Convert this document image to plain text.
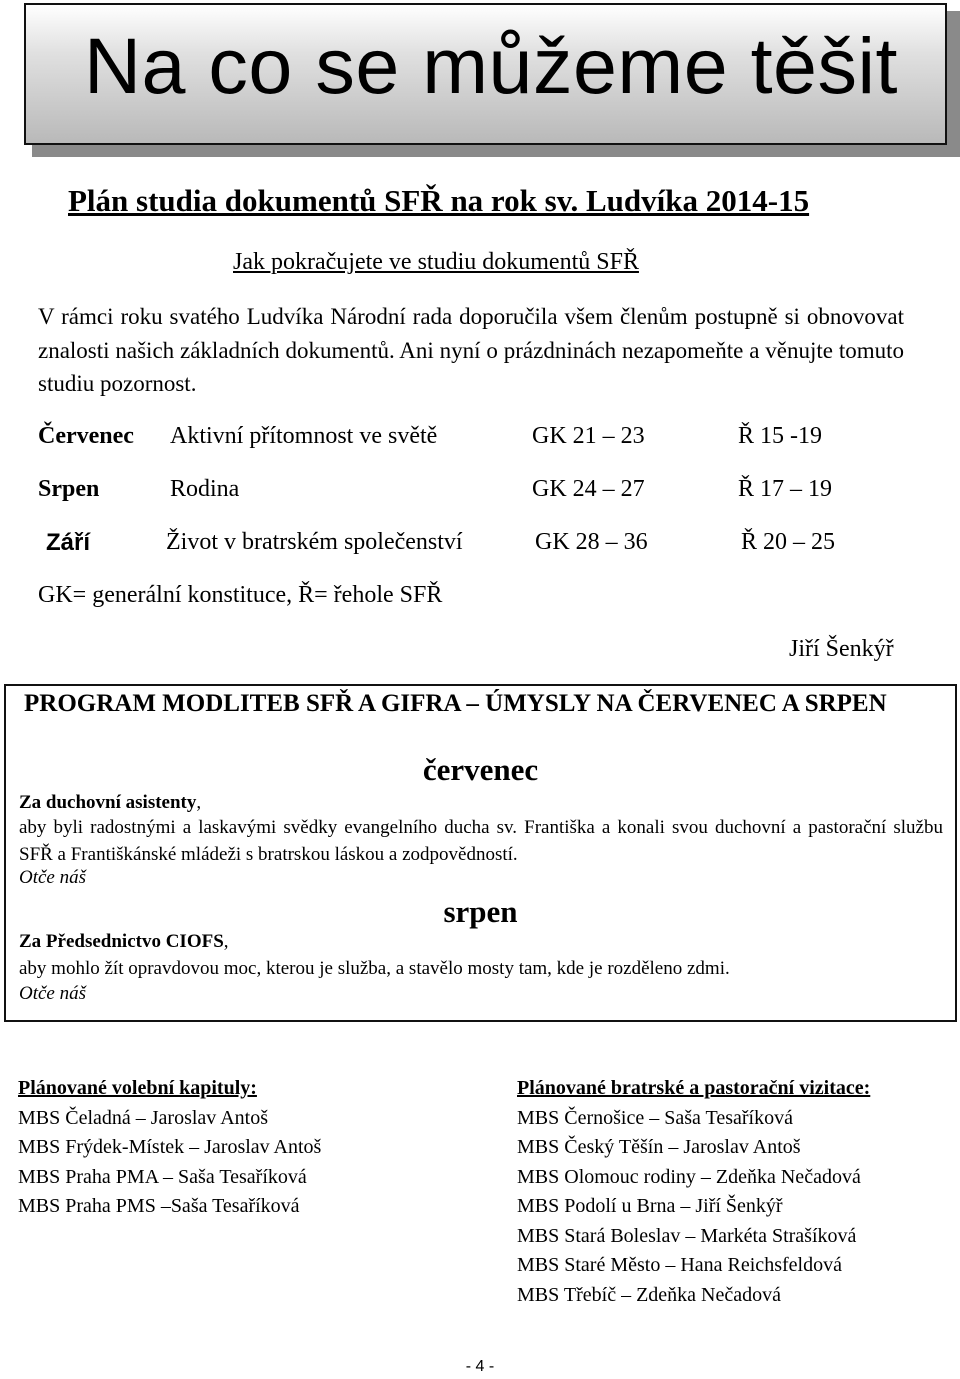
Na co se můžeme těšit
Plán studia dokumentů SFŘ na rok sv. Ludvíka 2014-15
Jak pokračujete ve studiu dokumentů SFŘ
V rámci roku svatého Ludvíka Národní rada doporučila všem členům postupně si obnovovat znalosti našich základních dokumentů. Ani nyní o prázdninách nezapomeňte a věnujte tomuto studiu pozornost.
Červenec Aktivní přítomnost ve světě	GK 21 – 23	Ř 15 -19
Srpen	Rodina	GK 24 – 27	Ř 17 – 19
Září	Život v bratrském společenství	GK 28 – 36	Ř 20 – 25
GK= generální konstituce, Ř= řehole SFŘ
Jiří Šenkýř
PROGRAM MODLITEB SFŘ A GIFRA – ÚMYSLY NA ČERVENEC A SRPEN
červenec
Za duchovní asistenty,
aby byli radostnými a laskavými svědky evangelního ducha sv. Františka a konali svou duchovní a pastorační službu SFŘ a Františkánské mládeži s bratrskou láskou a zodpovědností.
Otče náš
srpen
Za Předsednictvo CIOFS,
aby mohlo žít opravdovou moc, kterou je služba, a stavělo mosty tam, kde je rozděleno zdmi.
Otče náš
Plánované volební kapituly:
MBS Čeladná – Jaroslav Antoš
MBS Frýdek-Místek – Jaroslav Antoš
MBS Praha PMA – Saša Tesaříková
MBS Praha PMS –Saša Tesaříková
Plánované bratrské a pastorační vizitace:
MBS Černošice – Saša Tesaříková
MBS Český Těšín – Jaroslav Antoš
MBS Olomouc rodiny – Zdeňka Nečadová
MBS Podolí u Brna – Jiří Šenkýř
MBS Stará Boleslav – Markéta Strašíková
MBS Staré Město – Hana Reichsfeldová
MBS Třebíč – Zdeňka Nečadová
- 4 -
